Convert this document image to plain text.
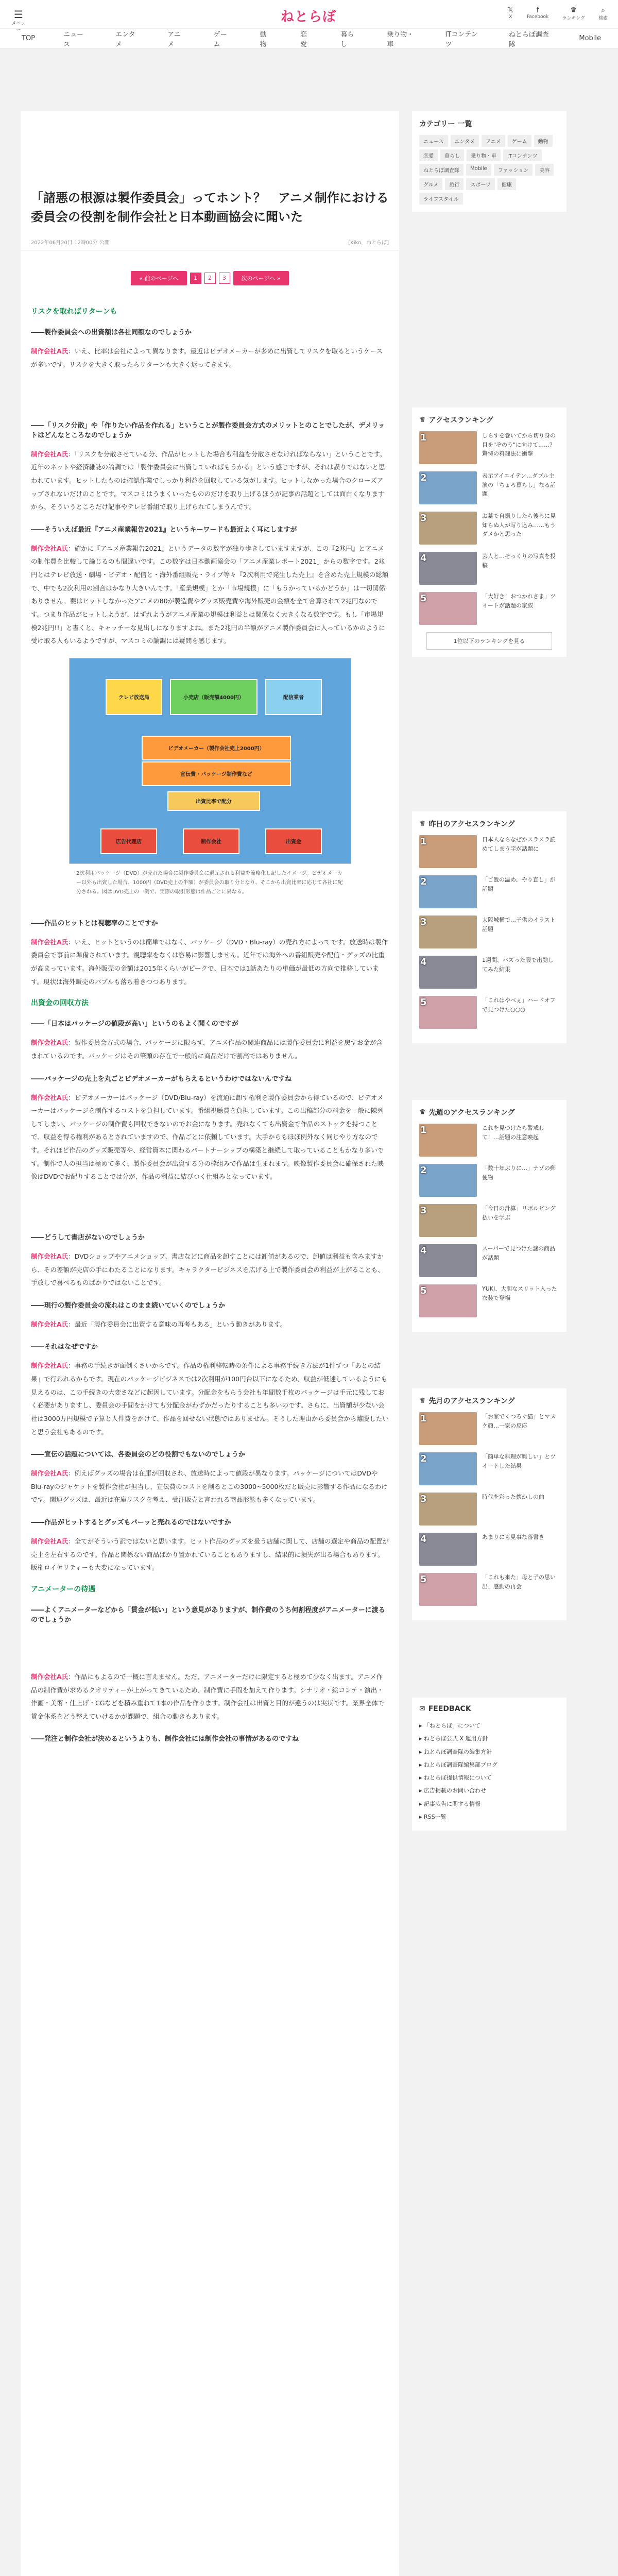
☰
メニュー
ねとらぼ	𝕏

X
f

Facebook
♛

ランキング
⌕

検索
TOP	ニュース
エンタメ
アニメ
ゲーム
動物
恋愛
暮らし
乗り物・車
ITコンテンツ
ねとらぼ調査隊
Mobile
「諸悪の根源は製作委員会」ってホント？　アニメ制作における委員会の役割を制作会社と日本動画協会に聞いた
2022年06月20日 12時00分 公開	[Kiko，ねとらぼ]
« 前のページへ	1	2	3	次のページへ »
リスクを取ればリターンも
――製作委員会への出資額は各社同額なのでしょうか
制作会社A氏：いえ、比率は会社によって異なります。最近はビデオメーカーが多めに出資してリスクを取るというケースが多いです。リスクを大きく取ったらリターンも大きく返ってきます。
――「リスク分散」や「作りたい作品を作れる」ということが製作委員会方式のメリットとのことでしたが、デメリットはどんなところなのでしょうか
制作会社A氏：「リスクを分散させている分、作品がヒットした場合も利益を分散させなければならない」ということです。近年のネットや経済雑誌の論調では「製作委員会に出資していればもうかる」という感じですが、それは誤りではないと思われています。ヒットしたものは確認作業でしっかり利益を回収している気がします。ヒットしなかった場合のクローズアップされないだけのことです。マスコミはうまくいったもののだけを取り上げるほうが記事の話題としては面白くなりますから、そういうところだけ記事やテレビ番組で取り上げられてしまうんです。
――そういえば最近『アニメ産業報告2021』というキーワードも最近よく耳にしますが
制作会社A氏：確かに『アニメ産業報告2021』というデータの数字が独り歩きしていますますが、この『2兆円』とアニメの制作費を比較して論じるのも間違いです。この数字は日本動画協会の「アニメ産業レポート2021」からの数字です。2兆円とはテレビ放送・劇場・ビデオ・配信と・海外番組販売・ライブ等々『2次利用で発生した売上』を含めた売上規模の総額で、中でも2次利用の割合はかなり大きいんです。「産業規模」とか「市場規模」に「もうかっているかどうか」は一切関係ありません。要はヒットしなかったアニメの80が製造費やグッズ販売費や海外販売の金額を全て合算されて2兆円なのです。つまり作品がヒットしようが、はずれようがアニメ産業の規模は利益とは関係なく大きくなる数字です。もし「市場規模2兆円!!」と書くと、キャッチーな見出しになりますよね。また2兆円の半額がアニメ製作委員会に入っているかのように受け取る人もいるようですが、マスコミの論調には疑問を感じます。
テレビ放送局	小売店（販売額4000円）	配信業者
ビデオメーカー（製作会社売上2000円）
宣伝費・パッケージ制作費など
出資比率で配分
広告代理店	制作会社	出資金
2次利用パッケージ（DVD）が売れた場合に製作委員会に還元される利益を簡略化し記したイメージ。ビデオメーカー以外も出資した場合、1000円（DVD売上の半額）が委員会の取り分となり、そこから出資比率に応じて各社に配分される。図はDVD売上の一例で、実際の取引形態は作品ごとに異なる。
――作品のヒットとは視聴率のことですか
制作会社A氏：いえ、ヒットというのは簡単ではなく、パッケージ（DVD・Blu-ray）の売れ方によってです。放送時は製作委員会で事前に準備されています。視聴率をなくは容易に影響しません。近年では海外への番組販売や配信・グッズの比重が高まっています。海外販売の金額は2015年くらいがピークで、日本では1話あたりの単価が最低の方向で推移しています。現状は海外販売のバブルも落ち着きつつあります。
出資金の回収方法
――「日本はパッケージの値段が高い」というのもよく聞くのですが
制作会社A氏：製作委員会方式の場合、パッケージに限らず、アニメ作品の関連商品には製作委員会に利益を戻すお金が含まれているのです。パッケージはその筆頭の存在で一般的に商品だけで割高ではありません。
――パッケージの売上を丸ごとビデオメーカーがもらえるというわけではないんですね
制作会社A氏：ビデオメーカーはパッケージ（DVD/Blu-ray）を流通に卸す権利を製作委員会から得ているので、ビデオメーカーはパッケージを制作するコストを負担しています。番組視聴費を負担しています。この出稿部分の料金を一般に陳列してしまい、パッケージの制作費も回収できないのでお金になります。売れなくても出資金で作品のストックを持つことで、収益を得る権利があるとされていますので、作品ごとに依頼しています。大手からもほぼ例外なく同じやり方なのです。それほど作品のグッズ販売等や、経営資本に関わるパートナーシップの構築と継続して取っていることもかなり多いです。制作で人の担当は極めて多く、製作委員会が出資する分の枠組みで作品は生まれます。映像製作委員会に確保された映像はDVDでお配りすることでは分が、作品の利益に結びつく仕組みとなっています。
――どうして書店がないのでしょうか
制作会社A氏：DVDショップやアニメショップ、書店などに商品を卸すことには卸値があるので、卸値は利益も含みますから、その差額が売店の手にわたることになります。キャラクタービジネスを広げる上で製作委員会の利益が上がることも、手放しで喜べるものばかりではないことです。
――現行の製作委員会の流れはこのまま続いていくのでしょうか
制作会社A氏：最近「製作委員会に出資する意味の再考もある」という動きがあります。
――それはなぜですか
制作会社A氏：事務の手続きが面倒くさいからです。作品の権利移転時の条件による事務手続き方法が1件ずつ「あとの結果」で行われるからです。現在のパッケージビジネスでは2次利用が100円台以下になるため、収益が低迷しているようにも見えるのは、この手続きの大変さなどに起因しています。分配金をもらう会社も年間数千枚のパッケージは手元に残しておく必要がありますし、委員会の手間をかけても分配金がわずかだったりすることも多いのです。さらに、出資額が少ない会社は3000万円規模で予算と人件費をかけて、作品を回せない状態ではありません。そうした理由から委員会から離脱したいと思う会社もあるのです。
――宣伝の話題については、各委員会のどの役割でもないのでしょうか
制作会社A氏：例えばグッズの場合は在庫が回収され、放送時によって値段が異なります。パッケージについてはDVDやBlu-rayのジャケットを製作会社が担当し、宣伝費のコストを削るとこの3000~5000枚だと販売に影響する作品になるわけです。関連グッズは、最近は在庫リスクを考え、受注販売と言われる商品形態も多くなっています。
――作品がヒットするとグッズもパーッと売れるのではないですか
制作会社A氏：全てがそういう訳ではないと思います。ヒット作品のグッズを扱う店舗に関して、店舗の選定や商品の配置が売上を左右するのです。作品と関係ない商品ばかり置かれていることもありますし、結果的に損失が出る場合もあります。版権ロイヤリティーも大変になっています。
アニメーターの待遇
――よくアニメーターなどから「賃金が低い」という意見がありますが、制作費のうち何割程度がアニメーターに渡るのでしょうか
制作会社A氏：作品にもよるので一概に言えません。ただ、アニメーターだけに限定すると極めて少なく出ます。アニメ作品の制作費が求めるクオリティーが上がってきているため、制作費に手間を加えて作ります。シナリオ・絵コンテ・演出・作画・美術・仕上げ・CGなどを積み重ねて1本の作品を作ります。制作会社は出資と目的が違うのは実状です。業界全体で賃金体系をどう整えていけるかが課題で、組合の動きもあります。
――発注と制作会社が決めるというよりも、制作会社には制作会社の事情があるのですね
カテゴリー 一覧
ニュース	エンタメ	アニメ	ゲーム	動物
恋愛	暮らし	乗り物・車	ITコンテンツ
ねとらぼ調査隊	Mobile	ファッション	美容
グルメ	旅行	スポーツ	健康
ライフスタイル
♛ アクセスランキング
1	しらすを巻いてから切り身の目を"ぞのう"に向けて……？驚愕の料理法に衝撃
2	表示アイエイテン…ダブル主演の「ちょろ暮らし」なる話題
3	お墓で自撮りしたら後ろに見知らぬ人が写り込み……もうダメかと思った
4	芸人と…そっくりの写真を投稿
5	「大好き！おつかれさま」ツイートが話題の家族
1位以下のランキングを見る
♛ 昨日のアクセスランキング
1	日本人ならなぜかスラスラ読めてしまう字が話題に
2	「ご飯の温め、やり直し」が話題
3	大阪城横で…子供のイラスト話題
4	1週間、バズった服で出勤してみた結果
5	「これはやべぇ」ハードオフで見つけた○○○
♛ 先週のアクセスランキング
1	これを見つけたら警戒して！…話題の注意喚起
2	「数十年ぶりに…」ナゾの郵便物
3	「今日の計算」リボルビング払いを学ぶ
4	スーパーで見つけた謎の商品が話題
5	YUKI、大胆なスリット入った衣装で登場
♛ 先月のアクセスランキング
1	「お家でくつろぐ猫」とマヌケ顔…一家の反応
2	「簡単な料理が難しい」とツイートした結果
3	時代を彩った懐かしの曲
4	あまりにも見事な落書き
5	「これも来た」母と子の思い出、感動の再会
✉ FEEDBACK
▸ 「ねとらぼ」について
▸ ねとらぼ公式 X 運用方針
▸ ねとらぼ調査隊の編集方針
▸ ねとらぼ調査隊編集部ブログ
▸ ねとらぼ提供情報について
▸ 広告掲載のお問い合わせ
▸ 記事広告に関する情報
▸ RSS一覧
